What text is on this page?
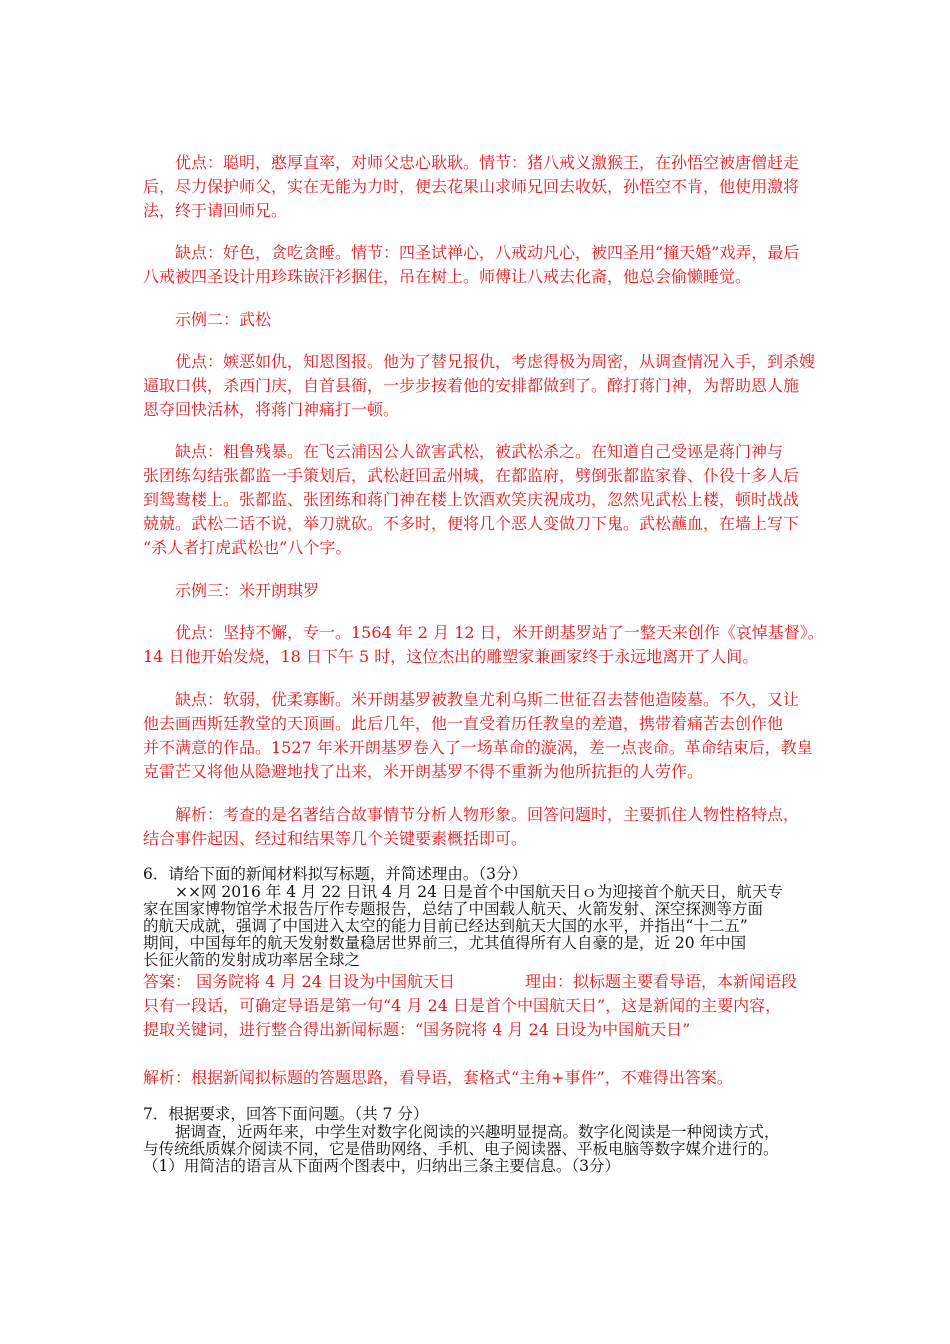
优点：聪明，憨厚直率，对师父忠心耿耿。情节：猪八戒义激猴王，在孙悟空被唐僧赶走

后，尽力保护师父，实在无能为力时，便去花果山求师兄回去收妖，孙悟空不肯，他使用激将

法，终于请回师兄。

缺点：好色，贪吃贪睡。情节：四圣试禅心，八戒动凡心，被四圣用“撞天婚”戏弄，最后

八戒被四圣设计用珍珠嵌汗衫捆住，吊在树上。师傅让八戒去化斋，他总会偷懒睡觉。

示例二：武松

优点：嫉恶如仇，知恩图报。他为了替兄报仇，考虑得极为周密，从调查情况入手，到杀嫂

逼取口供，杀西门庆，自首县衙，一步步按着他的安排都做到了。醉打蒋门神，为帮助恩人施

恩夺回快活林，将蒋门神痛打一顿。

缺点：粗鲁残暴。在飞云浦因公人欲害武松，被武松杀之。在知道自己受诬是蒋门神与

张团练勾结张都监一手策划后，武松赶回孟州城，在都监府，劈倒张都监家眷、仆役十多人后

到鸳鸯楼上。张都监、张团练和蒋门神在楼上饮酒欢笑庆祝成功，忽然见武松上楼，顿时战战

兢兢。武松二话不说，举刀就砍。不多时，便将几个恶人变做刀下鬼。武松蘸血，在墙上写下

“杀人者打虎武松也”八个字。

示例三：米开朗琪罗

优点：坚持不懈，专一。1564 年 2 月 12 日，米开朗基罗站了一整天来创作《哀悼基督》。

14 日他开始发烧，18 日下午 5 时，这位杰出的雕塑家兼画家终于永远地离开了人间。

缺点：软弱，优柔寡断。米开朗基罗被教皇尤利乌斯二世征召去替他造陵墓。不久，又让

他去画西斯廷教堂的天顶画。此后几年，他一直受着历任教皇的差遣，携带着痛苦去创作他

并不满意的作品。1527 年米开朗基罗卷入了一场革命的漩涡，差一点丧命。革命结束后，教皇

克雷芒又将他从隐避地找了出来，米开朗基罗不得不重新为他所抗拒的人劳作。

解析：考查的是名著结合故事情节分析人物形象。回答问题时，主要抓住人物性格特点，

结合事件起因、经过和结果等几个关键要素概括即可。

6．请给下面的新闻材料拟写标题，并简述理由。（3分）

××网 2016 年 4 月 22 日讯 4 月 24 日是首个中国航天日ｏ为迎接首个航天日，航天专

家在国家博物馆学术报告厅作专题报告，总结了中国载人航天、火箭发射、深空探测等方面

的航天成就，强调了中国进入太空的能力目前已经达到航天大国的水平，并指出“十二五”

期间，中国每年的航天发射数量稳居世界前三，尤其值得所有人自豪的是，近 20 年中国

长征火箭的发射成功率居全球之

答案： 国务院将 4 月 24 日设为中国航天日	理由：拟标题主要看导语，本新闻语段

只有一段话，可确定导语是第一句“4 月 24 日是首个中国航天日”，这是新闻的主要内容，

提取关键词，进行整合得出新闻标题：“国务院将 4 月 24 日设为中国航天日”

解析：根据新闻拟标题的答题思路，看导语，套格式“主角+事件”，不难得出答案。

7．根据要求，回答下面问题。（共 7 分）

据调查，近两年来，中学生对数字化阅读的兴趣明显提高。数字化阅读是一种阅读方式，

与传统纸质媒介阅读不同，它是借助网络、手机、电子阅读器、平板电脑等数字媒介进行的。

（1）用简洁的语言从下面两个图表中，归纳出三条主要信息。（3分）
